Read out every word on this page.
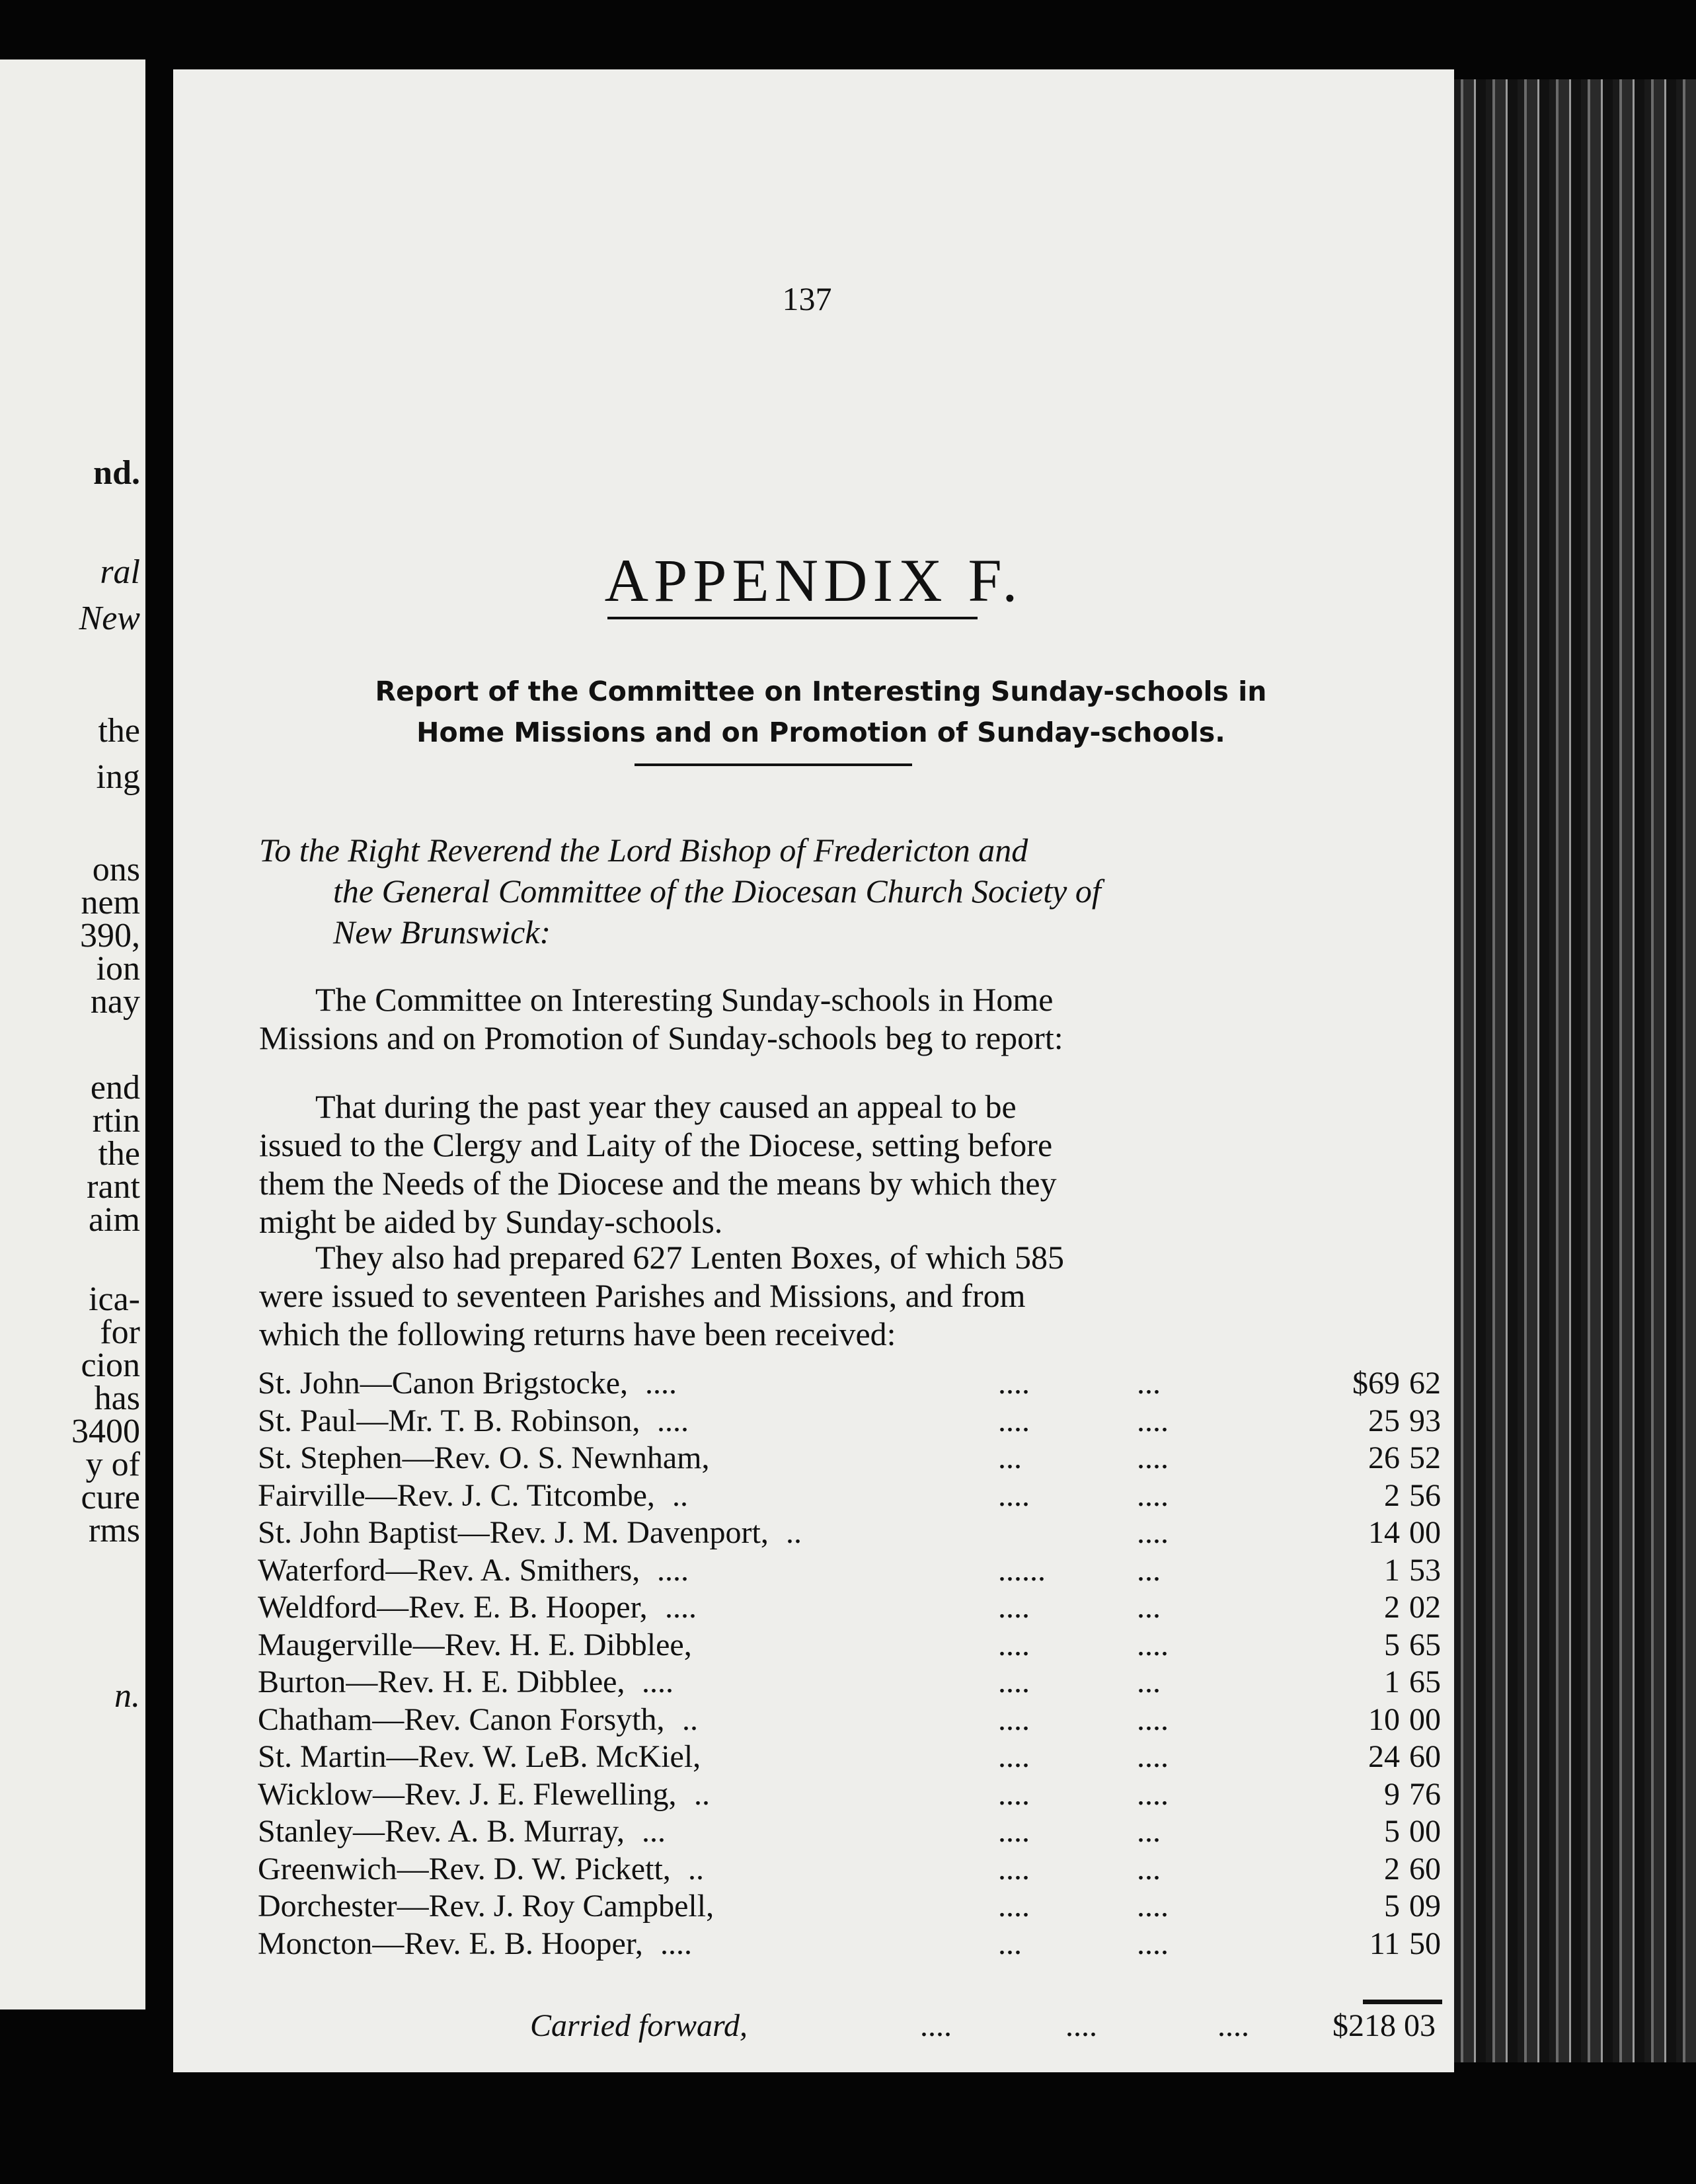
nd.
ral
New
the
ing
ons
nem
390,
ion
nay
end
rtin
the
rant
aim
ica-
for
cion
has
3400
y of
cure
rms
n.
137
APPENDIX F.
Report of the Committee on Interesting Sunday-schools in
Home Missions and on Promotion of Sunday-schools.
To the Right Reverend the Lord Bishop of Fredericton and
the General Committee of the Diocesan Church Society of
New Brunswick:
The Committee on Interesting Sunday-schools in Home
Missions and on Promotion of Sunday-schools beg to report:
That during the past year they caused an appeal to be
issued to the Clergy and Laity of the Diocese, setting before
them the Needs of the Diocese and the means by which they
might be aided by Sunday-schools.
They also had prepared 627 Lenten Boxes, of which 585
were issued to seventeen Parishes and Missions, and from
which the following returns have been received:
St. John—Canon Brigstocke, ....	....	...	$69 62
St. Paul—Mr. T. B. Robinson, ....	....	....	25 93
St. Stephen—Rev. O. S. Newnham,	...	....	26 52
Fairville—Rev. J. C. Titcombe, ..	....	....	2 56
St. John Baptist—Rev. J. M. Davenport, ..	....	14 00
Waterford—Rev. A. Smithers, ....	......	...	1 53
Weldford—Rev. E. B. Hooper, ....	....	...	2 02
Maugerville—Rev. H. E. Dibblee,	....	....	5 65
Burton—Rev. H. E. Dibblee, ....	....	...	1 65
Chatham—Rev. Canon Forsyth, ..	....	....	10 00
St. Martin—Rev. W. LeB. McKiel,	....	....	24 60
Wicklow—Rev. J. E. Flewelling, ..	....	....	9 76
Stanley—Rev. A. B. Murray, ...	....	...	5 00
Greenwich—Rev. D. W. Pickett, ..	....	...	2 60
Dorchester—Rev. J. Roy Campbell,	....	....	5 09
Moncton—Rev. E. B. Hooper, ....	...	....	11 50
Carried forward,	....	....	....	$218 03
